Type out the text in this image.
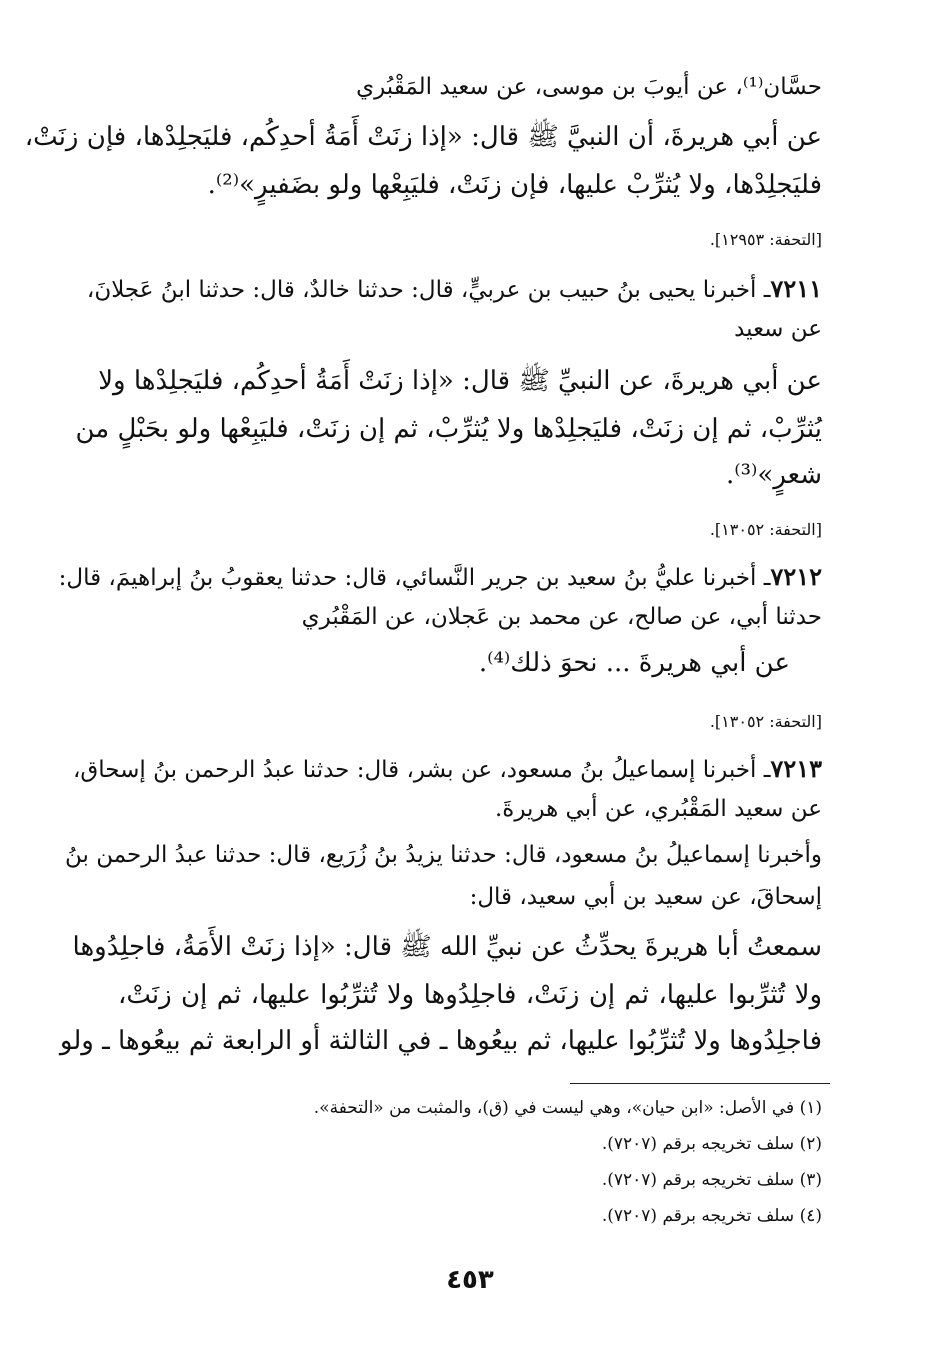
حسَّان⁽¹⁾، عن أيوبَ بن موسى، عن سعيد المَقْبُري
عن أبي هريرةَ، أن النبيَّ ﷺ قال: «إذا زنَتْ أَمَةُ أحدِكُم، فليَجلِدْها، فإن زنَتْ،
فليَجلِدْها، ولا يُثرِّبْ عليها، فإن زنَتْ، فليَبِعْها ولو بضَفيرٍ»⁽²⁾.
[التحفة: ١٢٩٥٣].
٧٢١١ـ أخبرنا يحيى بنُ حبيب بن عربيٍّ، قال: حدثنا خالدٌ، قال: حدثنا ابنُ عَجلانَ،
عن سعيد
عن أبي هريرةَ، عن النبيِّ ﷺ قال: «إذا زنَتْ أَمَةُ أحدِكُم، فليَجلِدْها ولا
يُثرِّبْ، ثم إن زنَتْ، فليَجلِدْها ولا يُثرِّبْ، ثم إن زنَتْ، فليَبِعْها ولو بحَبْلٍ من
شعرٍ»⁽³⁾.
[التحفة: ١٣٠٥٢].
٧٢١٢ـ أخبرنا عليُّ بنُ سعيد بن جرير النَّسائي، قال: حدثنا يعقوبُ بنُ إبراهيمَ، قال:
حدثنا أبي، عن صالح، عن محمد بن عَجلان، عن المَقْبُري
عن أبي هريرةَ ... نحوَ ذلك⁽⁴⁾.
[التحفة: ١٣٠٥٢].
٧٢١٣ـ أخبرنا إسماعيلُ بنُ مسعود، عن بشر، قال: حدثنا عبدُ الرحمن بنُ إسحاق،
عن سعيد المَقْبُري، عن أبي هريرةَ.
وأخبرنا إسماعيلُ بنُ مسعود، قال: حدثنا يزيدُ بنُ زُرَيع، قال: حدثنا عبدُ الرحمن بنُ
إسحاقَ، عن سعيد بن أبي سعيد، قال:
سمعتُ أبا هريرةَ يحدِّثُ عن نبيِّ الله ﷺ قال: «إذا زنَتْ الأَمَةُ، فاجلِدُوها
ولا تُثرِّبوا عليها، ثم إن زنَتْ، فاجلِدُوها ولا تُثرِّبُوا عليها، ثم إن زنَتْ،
فاجلِدُوها ولا تُثرِّبُوا عليها، ثم بيعُوها ـ في الثالثة أو الرابعة ثم بيعُوها ـ ولو
(١) في الأصل: «ابن حيان»، وهي ليست في (ق)، والمثبت من «التحفة».
(٢) سلف تخريجه برقم (٧٢٠٧).
(٣) سلف تخريجه برقم (٧٢٠٧).
(٤) سلف تخريجه برقم (٧٢٠٧).
٤٥٣
